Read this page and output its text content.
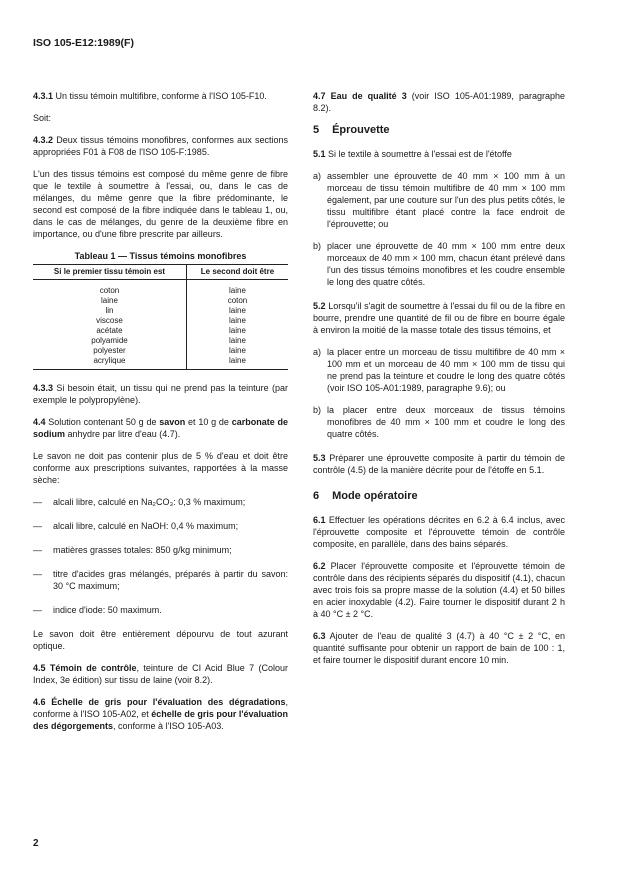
ISO 105-E12:1989(F)

4.3.1 Un tissu témoin multifibre, conforme à l'ISO 105-F10.

Soit:

4.3.2 Deux tissus témoins monofibres, conformes aux sections appropriées F01 à F08 de l'ISO 105-F:1985.

L'un des tissus témoins est composé du même genre de fibre que le textile à soumettre à l'essai, ou, dans le cas de mélanges, du même genre que la fibre prédominante, le second est composé de la fibre indiquée dans le tableau 1, ou, dans le cas de mélanges, du genre de la deuxième fibre en importance, ou d'une fibre prescrite par ailleurs.

Tableau 1 — Tissus témoins monofibres
Si le premier tissu témoin est	Le second doit être
coton	laine
laine	coton
lin	laine
viscose	laine
acétate	laine
polyamide	laine
polyester	laine
acrylique	laine

4.3.3 Si besoin était, un tissu qui ne prend pas la teinture (par exemple le polypropylène).

4.4 Solution contenant 50 g de savon et 10 g de carbonate de sodium anhydre par litre d'eau (4.7).

Le savon ne doit pas contenir plus de 5 % d'eau et doit être conforme aux prescriptions suivantes, rapportées à la masse sèche:

— alcali libre, calculé en Na₂CO₃: 0,3 % maximum;
— alcali libre, calculé en NaOH: 0,4 % maximum;
— matières grasses totales: 850 g/kg minimum;
— titre d'acides gras mélangés, préparés à partir du savon: 30 °C maximum;
— indice d'iode: 50 maximum.

Le savon doit être entièrement dépourvu de tout azurant optique.

4.5 Témoin de contrôle, teinture de CI Acid Blue 7 (Colour Index, 3e édition) sur tissu de laine (voir 8.2).

4.6 Échelle de gris pour l'évaluation des dégradations, conforme à l'ISO 105-A02, et échelle de gris pour l'évaluation des dégorgements, conforme à l'ISO 105-A03.

4.7 Eau de qualité 3 (voir ISO 105-A01:1989, paragraphe 8.2).

5 Éprouvette

5.1 Si le textile à soumettre à l'essai est de l'étoffe

a) assembler une éprouvette de 40 mm × 100 mm à un morceau de tissu témoin multifibre de 40 mm × 100 mm également, par une couture sur l'un des plus petits côtés, le tissu multifibre étant placé contre la face endroit de l'éprouvette; ou
b) placer une éprouvette de 40 mm × 100 mm entre deux morceaux de 40 mm × 100 mm, chacun étant prélevé dans l'un des tissus témoins monofibres et les coudre ensemble le long des quatre côtés.

5.2 Lorsqu'il s'agit de soumettre à l'essai du fil ou de la fibre en bourre, prendre une quantité de fil ou de fibre en bourre égale à environ la moitié de la masse totale des tissus témoins, et

a) la placer entre un morceau de tissu multifibre de 40 mm × 100 mm et un morceau de 40 mm × 100 mm de tissu qui ne prend pas la teinture et coudre le long des quatre côtés (voir ISO 105-A01:1989, paragraphe 9.6); ou
b) la placer entre deux morceaux de tissus témoins monofibres de 40 mm × 100 mm et coudre le long des quatre côtés.

5.3 Préparer une éprouvette composite à partir du témoin de contrôle (4.5) de la manière décrite pour de l'étoffe en 5.1.

6 Mode opératoire

6.1 Effectuer les opérations décrites en 6.2 à 6.4 inclus, avec l'éprouvette composite et l'éprouvette témoin de contrôle composite, en parallèle, dans des bains séparés.

6.2 Placer l'éprouvette composite et l'éprouvette témoin de contrôle dans des récipients séparés du dispositif (4.1), chacun avec trois fois sa propre masse de la solution (4.4) et 50 billes en acier inoxydable (4.2). Faire tourner le dispositif durant 2 h à 40 °C ± 2 °C.

6.3 Ajouter de l'eau de qualité 3 (4.7) à 40 °C ± 2 °C, en quantité suffisante pour obtenir un rapport de bain de 100 : 1, et faire tourner le dispositif durant encore 10 min.

2
